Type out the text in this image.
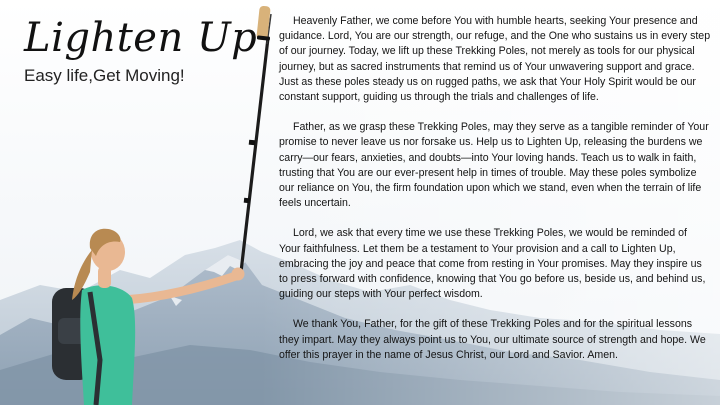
Lighten Up
Easy life,Get Moving!

Heavenly Father, we come before You with humble hearts, seeking Your presence and guidance. Lord, You are our strength, our refuge, and the One who sustains us in every step of our journey. Today, we lift up these Trekking Poles, not merely as tools for our physical journey, but as sacred instruments that remind us of Your unwavering support and grace. Just as these poles steady us on rugged paths, we ask that Your Holy Spirit would be our constant support, guiding us through the trials and challenges of life.

Father, as we grasp these Trekking Poles, may they serve as a tangible reminder of Your promise to never leave us nor forsake us. Help us to Lighten Up, releasing the burdens we carry—our fears, anxieties, and doubts—into Your loving hands. Teach us to walk in faith, trusting that You are our ever-present help in times of trouble. May these poles symbolize our reliance on You, the firm foundation upon which we stand, even when the terrain of life feels uncertain.

Lord, we ask that every time we use these Trekking Poles, we would be reminded of Your faithfulness. Let them be a testament to Your provision and a call to Lighten Up, embracing the joy and peace that come from resting in Your promises. May they inspire us to press forward with confidence, knowing that You go before us, beside us, and behind us, guiding our steps with Your perfect wisdom.

We thank You, Father, for the gift of these Trekking Poles and for the spiritual lessons they impart. May they always point us to You, our ultimate source of strength and hope. We offer this prayer in the name of Jesus Christ, our Lord and Savior. Amen.
